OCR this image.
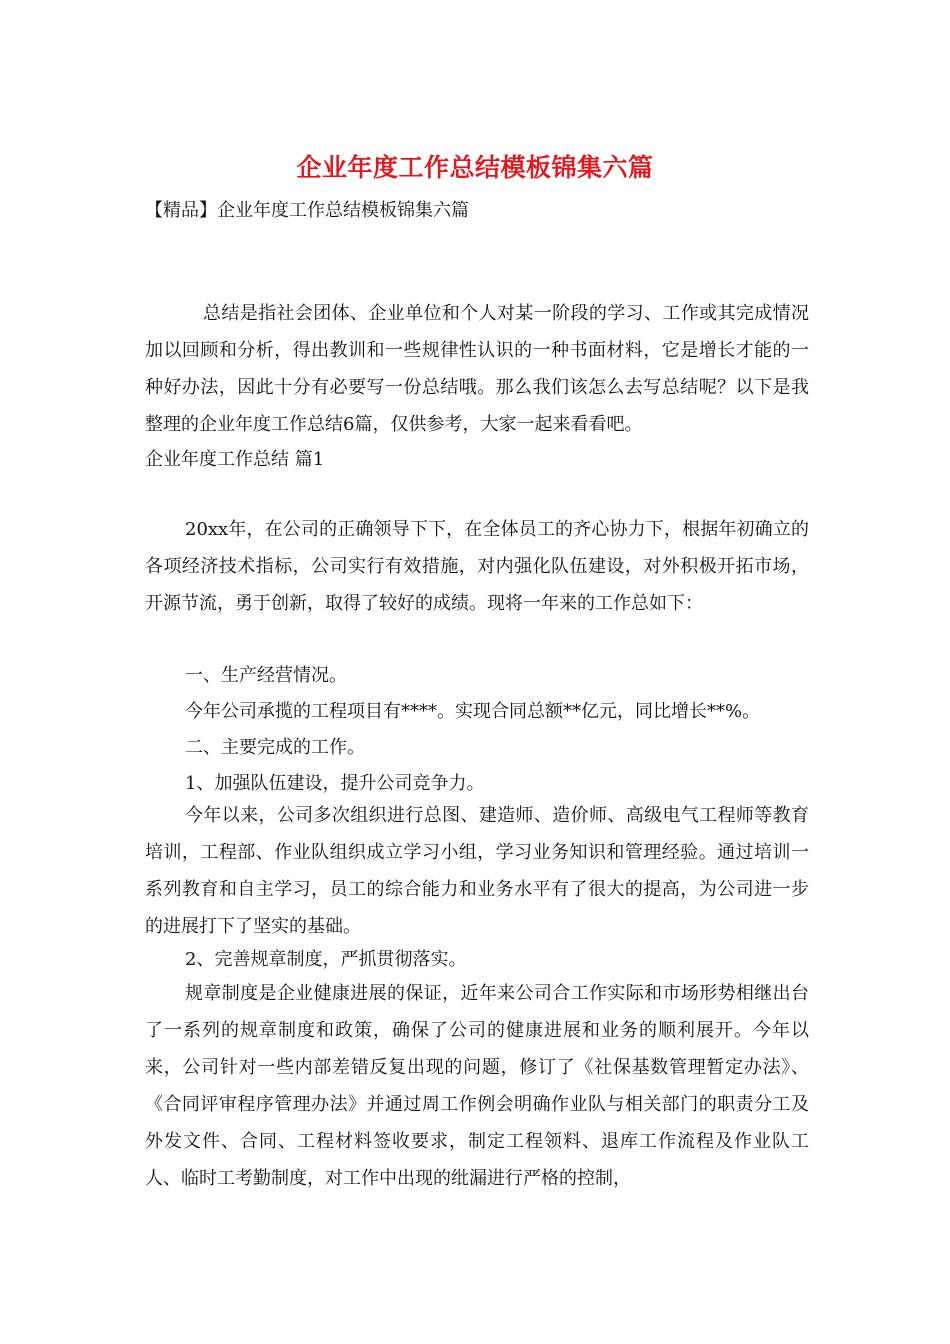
企业年度工作总结模板锦集六篇
【精品】企业年度工作总结模板锦集六篇
总结是指社会团体、企业单位和个人对某一阶段的学习、工作或其完成情况加以回顾和分析，得出教训和一些规律性认识的一种书面材料，它是增长才能的一种好办法，因此十分有必要写一份总结哦。那么我们该怎么去写总结呢？以下是我整理的企业年度工作总结6篇，仅供参考，大家一起来看看吧。
企业年度工作总结 篇1
20xx年，在公司的正确领导下下，在全体员工的齐心协力下，根据年初确立的各项经济技术指标，公司实行有效措施，对内强化队伍建设，对外积极开拓市场，开源节流，勇于创新，取得了较好的成绩。现将一年来的工作总如下：
一、生产经营情况。
今年公司承揽的工程项目有****。实现合同总额**亿元，同比增长**%。
二、主要完成的工作。
1、加强队伍建设，提升公司竞争力。
今年以来，公司多次组织进行总图、建造师、造价师、高级电气工程师等教育培训，工程部、作业队组织成立学习小组，学习业务知识和管理经验。通过培训一系列教育和自主学习，员工的综合能力和业务水平有了很大的提高，为公司进一步的进展打下了坚实的基础。
2、完善规章制度，严抓贯彻落实。
规章制度是企业健康进展的保证，近年来公司合工作实际和市场形势相继出台了一系列的规章制度和政策，确保了公司的健康进展和业务的顺利展开。今年以来，公司针对一些内部差错反复出现的问题，修订了《社保基数管理暂定办法》、《合同评审程序管理办法》并通过周工作例会明确作业队与相关部门的职责分工及外发文件、合同、工程材料签收要求，制定工程领料、退库工作流程及作业队工人、临时工考勤制度，对工作中出现的纰漏进行严格的控制，
